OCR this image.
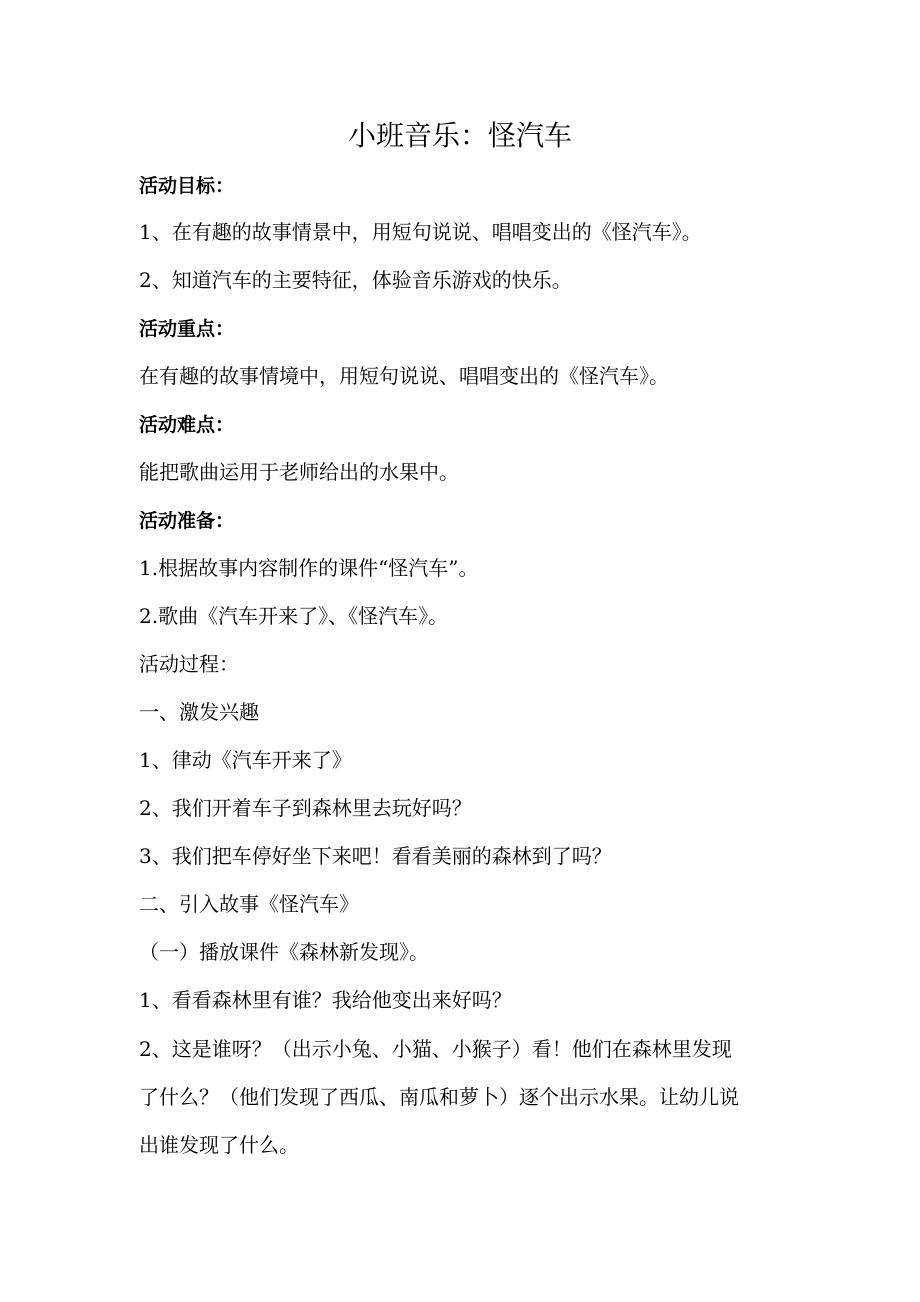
小班音乐：怪汽车
活动目标：
1、在有趣的故事情景中，用短句说说、唱唱变出的《怪汽车》。
2、知道汽车的主要特征，体验音乐游戏的快乐。
活动重点：
在有趣的故事情境中，用短句说说、唱唱变出的《怪汽车》。
活动难点：
能把歌曲运用于老师给出的水果中。
活动准备：
1.根据故事内容制作的课件“怪汽车”。
2.歌曲《汽车开来了》、《怪汽车》。
活动过程：
一、激发兴趣
1、律动《汽车开来了》
2、我们开着车子到森林里去玩好吗？
3、我们把车停好坐下来吧！看看美丽的森林到了吗？
二、引入故事《怪汽车》
（一）播放课件《森林新发现》。
1、看看森林里有谁？我给他变出来好吗？
2、这是谁呀？（出示小兔、小猫、小猴子）看！他们在森林里发现
了什么？（他们发现了西瓜、南瓜和萝卜）逐个出示水果。让幼儿说
出谁发现了什么。
